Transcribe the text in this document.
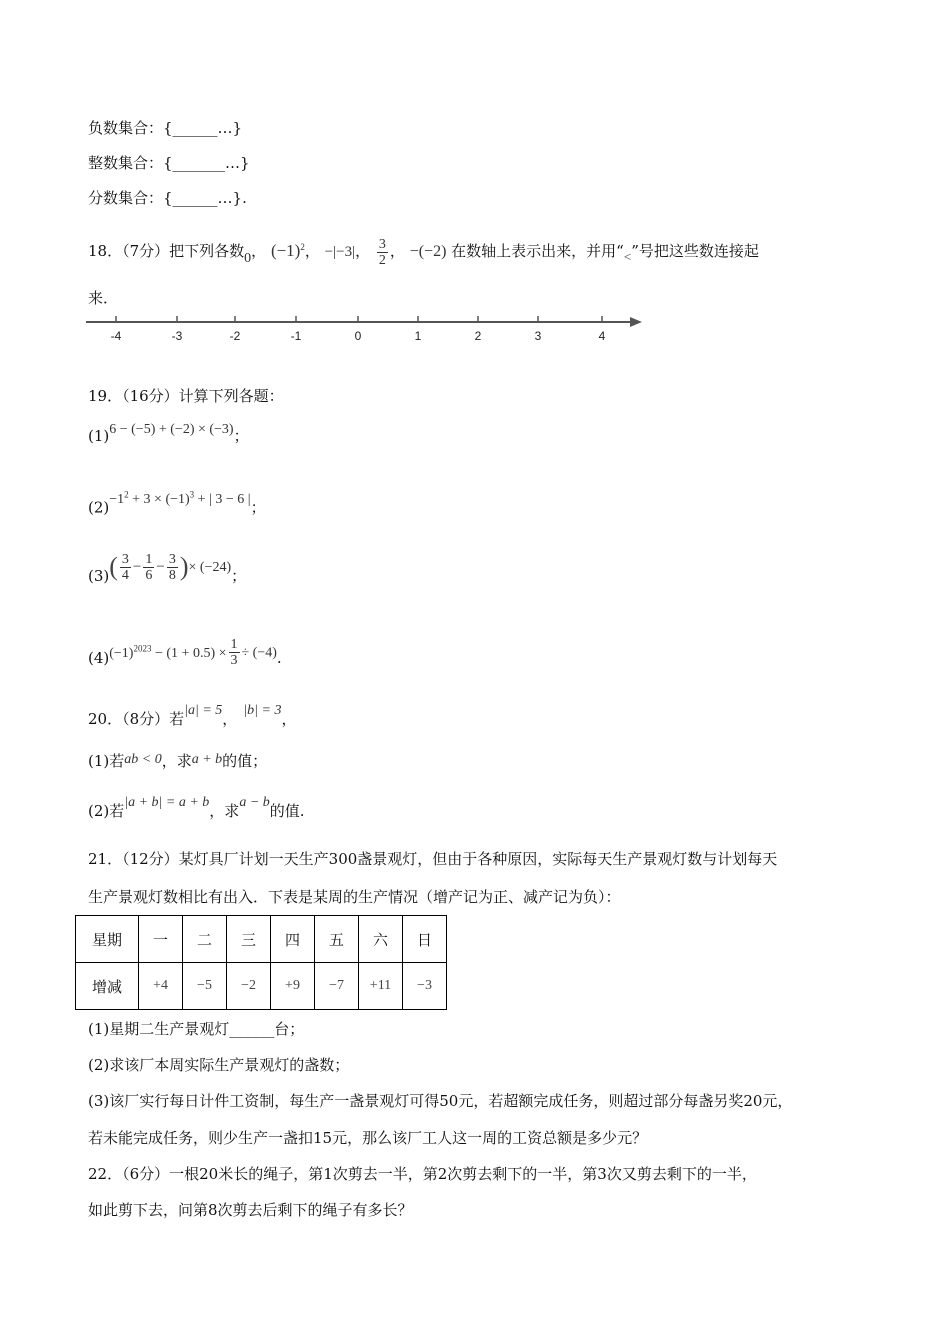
负数集合：{______…}
整数集合：{_______…}
分数集合：{______…}.
18．（7分）把下列各数0， $(-1)^2$， −|−3|， $\frac{3}{2}$ ， −(−2) 在数轴上表示出来，并用“<”号把这些数连接起
来．
-4	-3	-2	-1	0	1	2	3	4
19．（16分）计算下列各题：
(1)6 − (−5) + (−2) × (−3)；
$(2)-1^2 + 3 \times (-1)^3$ + | 3 − 6 |；
$(3)( \frac{3}{4} - \frac{1}{6} - \frac{3}{8}$ )× (−24)；
$(4)(-1)^{2023} - (1 + 0.5) \times \frac{1}{3} \div (-4)$.
20．（8分）若|a| = 5， |b| = 3，
(1)若ab < 0，求a + b的值；
(2)若|a + b| = a + b，求a − b的值.
21．（12分）某灯具厂计划一天生产300盏景观灯，但由于各种原因，实际每天生产景观灯数与计划每天
生产景观灯数相比有出入．下表是某周的生产情况（增产记为正、减产记为负）：
星期	一	二	三	四	五	六	日
增减	+4	−5	−2	+9	−7	+11	−3
(1)星期二生产景观灯______台；
(2)求该厂本周实际生产景观灯的盏数；
(3)该厂实行每日计件工资制，每生产一盏景观灯可得50元，若超额完成任务，则超过部分每盏另奖20元，
若未能完成任务，则少生产一盏扣15元，那么该厂工人这一周的工资总额是多少元？
22．（6分）一根20米长的绳子，第1次剪去一半，第2次剪去剩下的一半，第3次又剪去剩下的一半，
如此剪下去，问第8次剪去后剩下的绳子有多长？
